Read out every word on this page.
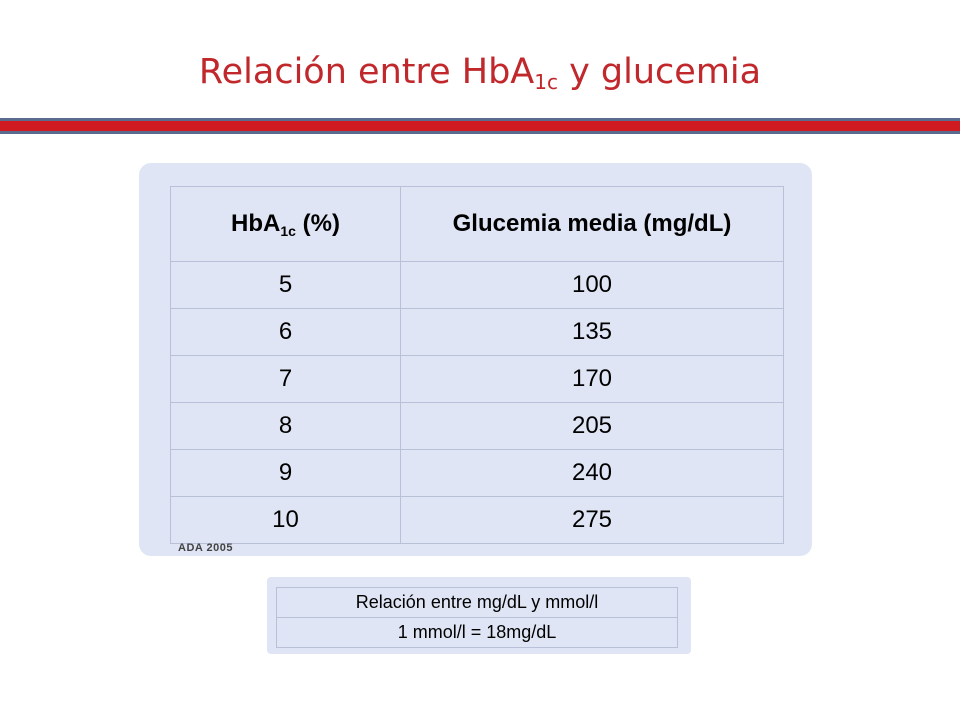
Relación entre HbA$_{1c}$ y glucemia
HbA$_{1c}$ (%)	Glucemia media (mg/dL)
5	100
6	135
7	170
8	205
9	240
10	275
ADA 2005
Relación entre mg/dL y mmol/l
1 mmol/l = 18mg/dL
